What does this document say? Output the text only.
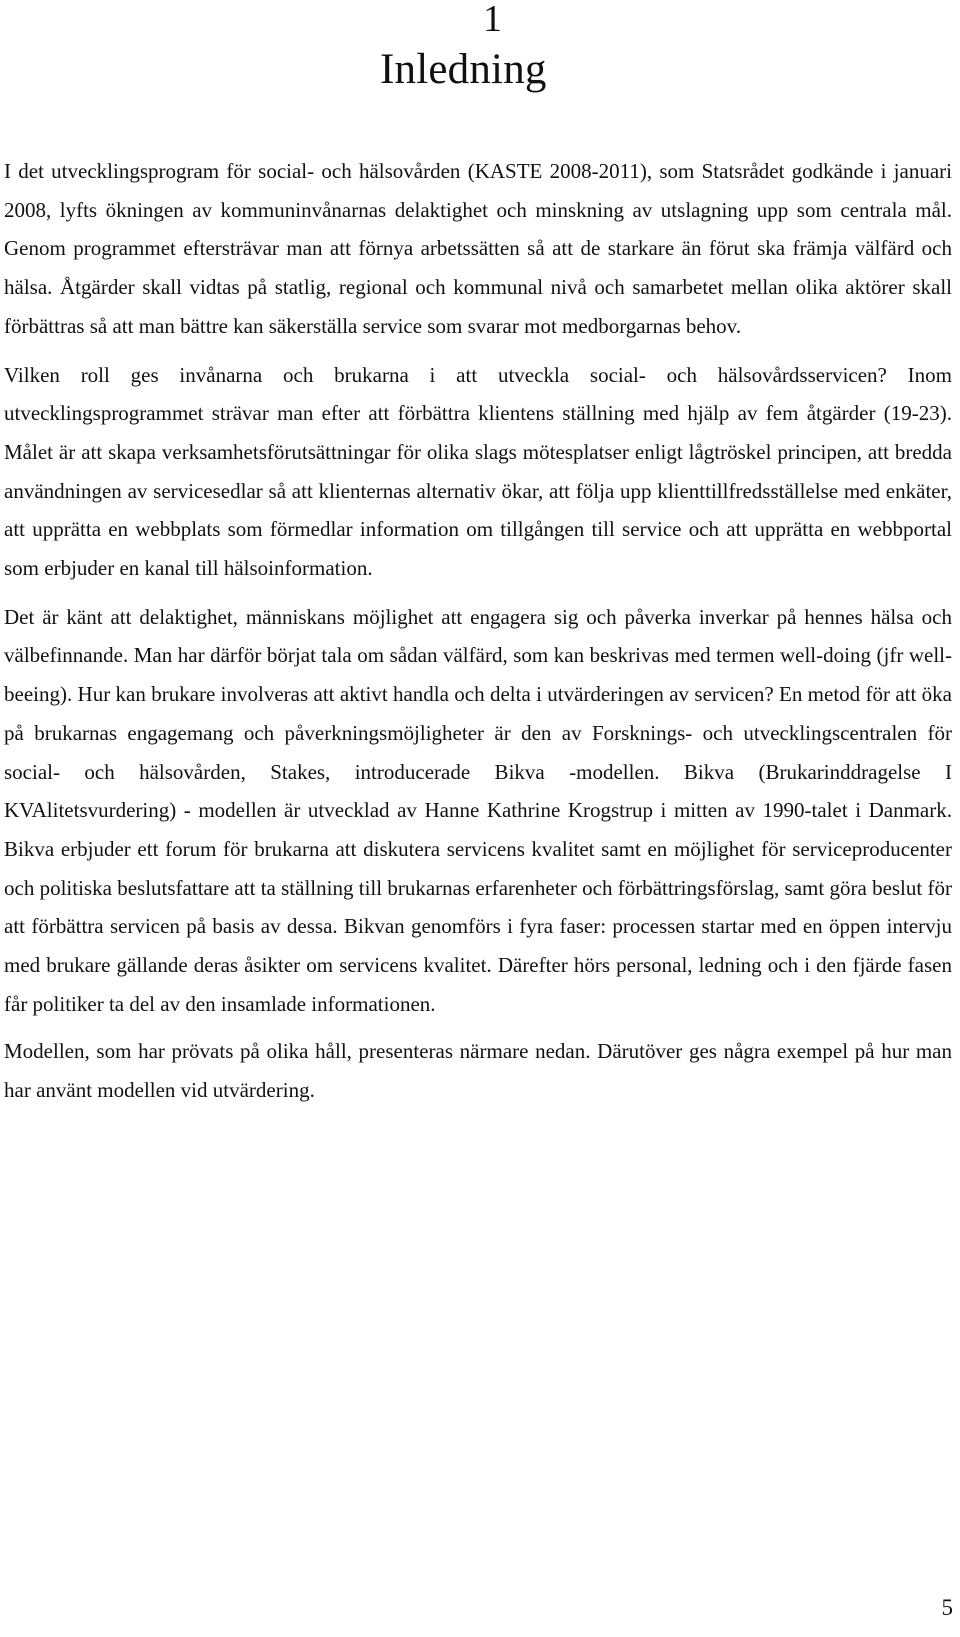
1
Inledning

I det utvecklingsprogram för social- och hälsovården (KASTE 2008-2011), som Statsrådet godkände i januari 2008, lyfts ökningen av kommuninvånarnas delaktighet och minskning av utslagning upp som centrala mål. Genom programmet eftersträvar man att förnya arbetssätten så att de starkare än förut ska främja välfärd och hälsa. Åtgärder skall vidtas på statlig, regional och kommunal nivå och samarbetet mellan olika aktörer skall förbättras så att man bättre kan säkerställa service som svarar mot medborgarnas behov.

Vilken roll ges invånarna och brukarna i att utveckla social- och hälsovårdsservicen? Inom utvecklingsprogrammet strävar man efter att förbättra klientens ställning med hjälp av fem åtgärder (19-23). Målet är att skapa verksamhetsförutsättningar för olika slags mötesplatser enligt lågtröskel principen, att bredda användningen av servicesedlar så att klienternas alternativ ökar, att följa upp klienttillfredsställelse med enkäter, att upprätta en webbplats som förmedlar information om tillgången till service och att upprätta en webbportal som erbjuder en kanal till hälsoinformation.

Det är känt att delaktighet, människans möjlighet att engagera sig och påverka inverkar på hennes hälsa och välbefinnande. Man har därför börjat tala om sådan välfärd, som kan beskrivas med termen well-doing (jfr well-beeing). Hur kan brukare involveras att aktivt handla och delta i utvärderingen av servicen? En metod för att öka på brukarnas engagemang och påverkningsmöjligheter är den av Forsknings- och utvecklingscentralen för social- och hälsovården, Stakes, introducerade Bikva -modellen. Bikva (Brukarinddragelse I KVAlitetsvurdering) - modellen är utvecklad av Hanne Kathrine Krogstrup i mitten av 1990-talet i Danmark. Bikva erbjuder ett forum för brukarna att diskutera servicens kvalitet samt en möjlighet för serviceproducenter och politiska beslutsfattare att ta ställning till brukarnas erfarenheter och förbättringsförslag, samt göra beslut för att förbättra servicen på basis av dessa. Bikvan genomförs i fyra faser: processen startar med en öppen intervju med brukare gällande deras åsikter om servicens kvalitet. Därefter hörs personal, ledning och i den fjärde fasen får politiker ta del av den insamlade informationen.

Modellen, som har prövats på olika håll, presenteras närmare nedan. Därutöver ges några exempel på hur man har använt modellen vid utvärdering.

5
